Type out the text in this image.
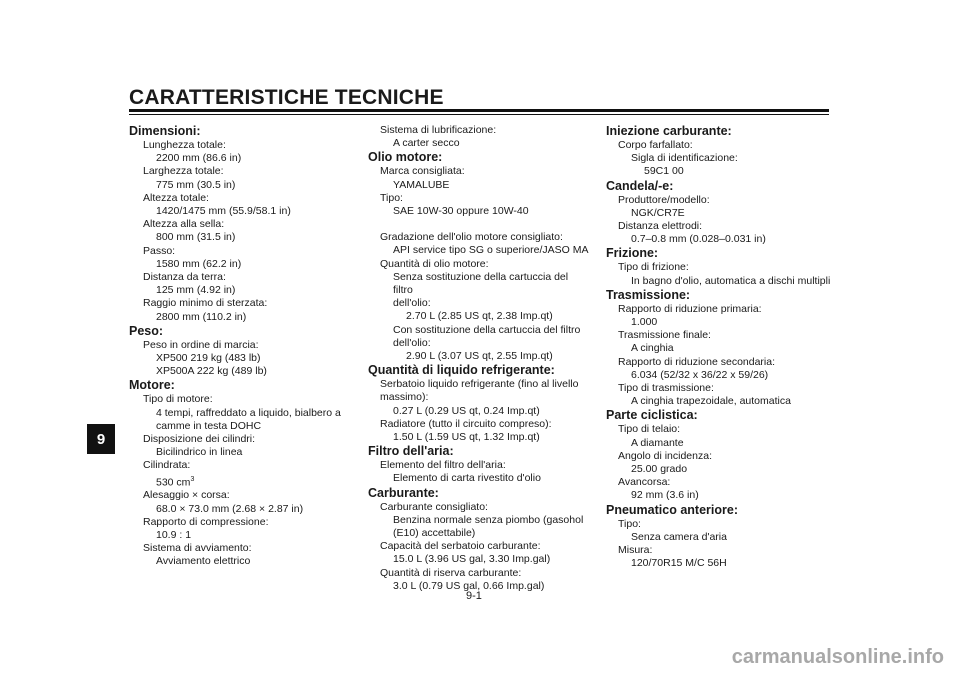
CARATTERISTICHE TECNICHE
9
Dimensioni:
Lunghezza totale:
2200 mm (86.6 in)
Larghezza totale:
775 mm (30.5 in)
Altezza totale:
1420/1475 mm (55.9/58.1 in)
Altezza alla sella:
800 mm (31.5 in)
Passo:
1580 mm (62.2 in)
Distanza da terra:
125 mm (4.92 in)
Raggio minimo di sterzata:
2800 mm (110.2 in)
Peso:
Peso in ordine di marcia:
XP500 219 kg (483 lb)
XP500A 222 kg (489 lb)
Motore:
Tipo di motore:
4 tempi, raffreddato a liquido, bialbero a
camme in testa DOHC
Disposizione dei cilindri:
Bicilindrico in linea
Cilindrata:
530 $cm^3$
Alesaggio × corsa:
68.0 × 73.0 mm (2.68 × 2.87 in)
Rapporto di compressione:
10.9 : 1
Sistema di avviamento:
Avviamento elettrico
Sistema di lubrificazione:
A carter secco
Olio motore:
Marca consigliata:
YAMALUBE
Tipo:
SAE 10W-30 oppure 10W-40
Gradazione dell'olio motore consigliato:
API service tipo SG o superiore/JASO MA
Quantità di olio motore:
Senza sostituzione della cartuccia del filtro
dell'olio:
2.70 L (2.85 US qt, 2.38 Imp.qt)
Con sostituzione della cartuccia del filtro
dell'olio:
2.90 L (3.07 US qt, 2.55 Imp.qt)
Quantità di liquido refrigerante:
Serbatoio liquido refrigerante (fino al livello
massimo):
0.27 L (0.29 US qt, 0.24 Imp.qt)
Radiatore (tutto il circuito compreso):
1.50 L (1.59 US qt, 1.32 Imp.qt)
Filtro dell'aria:
Elemento del filtro dell'aria:
Elemento di carta rivestito d'olio
Carburante:
Carburante consigliato:
Benzina normale senza piombo (gasohol
(E10) accettabile)
Capacità del serbatoio carburante:
15.0 L (3.96 US gal, 3.30 Imp.gal)
Quantità di riserva carburante:
3.0 L (0.79 US gal, 0.66 Imp.gal)
Iniezione carburante:
Corpo farfallato:
Sigla di identificazione:
59C1 00
Candela/-e:
Produttore/modello:
NGK/CR7E
Distanza elettrodi:
0.7–0.8 mm (0.028–0.031 in)
Frizione:
Tipo di frizione:
In bagno d'olio, automatica a dischi multipli
Trasmissione:
Rapporto di riduzione primaria:
1.000
Trasmissione finale:
A cinghia
Rapporto di riduzione secondaria:
6.034 (52/32 x 36/22 x 59/26)
Tipo di trasmissione:
A cinghia trapezoidale, automatica
Parte ciclistica:
Tipo di telaio:
A diamante
Angolo di incidenza:
25.00 grado
Avancorsa:
92 mm (3.6 in)
Pneumatico anteriore:
Tipo:
Senza camera d'aria
Misura:
120/70R15 M/C 56H
9-1
carmanualsonline.info
